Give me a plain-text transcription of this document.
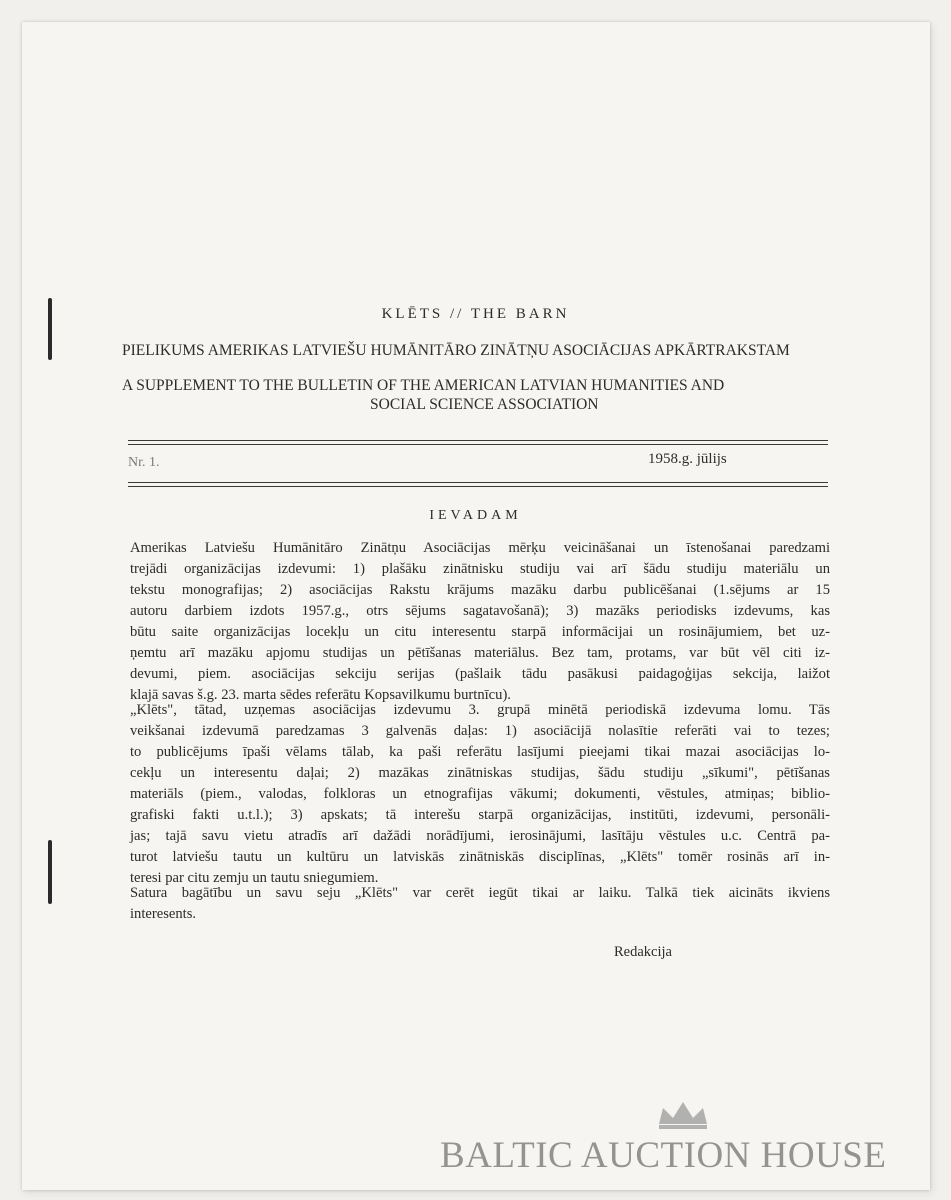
KLĒTS // THE BARN
PIELIKUMS AMERIKAS LATVIEŠU HUMĀNITĀRO ZINĀTŅU ASOCIĀCIJAS APKĀRTRAKSTAM
A SUPPLEMENT TO THE BULLETIN OF THE AMERICAN LATVIAN HUMANITIES AND
SOCIAL SCIENCE ASSOCIATION
Nr. 1.	1958.g. jūlijs
IEVADAM
Amerikas Latviešu Humānitāro Zinātņu Asociācijas mērķu veicināšanai un īstenošanai paredzami
trejādi organizācijas izdevumi: 1) plašāku zinātnisku studiju vai arī šādu studiju materiālu un
tekstu monografijas; 2) asociācijas Rakstu krājums mazāku darbu publicēšanai (1.sējums ar 15
autoru darbiem izdots 1957.g., otrs sējums sagatavošanā); 3) mazāks periodisks izdevums, kas
būtu saite organizācijas locekļu un citu interesentu starpā informācijai un rosinājumiem, bet uz-
ņemtu arī mazāku apjomu studijas un pētīšanas materiālus. Bez tam, protams, var būt vēl citi iz-
devumi, piem. asociācijas sekciju serijas (pašlaik tādu pasākusi paidagoģijas sekcija, laižot
klajā savas š.g. 23. marta sēdes referātu Kopsavilkumu burtnīcu).
„Klēts", tātad, uzņemas asociācijas izdevumu 3. grupā minētā periodiskā izdevuma lomu. Tās
veikšanai izdevumā paredzamas 3 galvenās daļas: 1) asociācijā nolasītie referāti vai to tezes;
to publicējums īpaši vēlams tālab, ka paši referātu lasījumi pieejami tikai mazai asociācijas lo-
cekļu un interesentu daļai; 2) mazākas zinātniskas studijas, šādu studiju „sīkumi", pētīšanas
materiāls (piem., valodas, folkloras un etnografijas vākumi; dokumenti, vēstules, atmiņas; biblio-
grafiski fakti u.t.l.); 3) apskats; tā interešu starpā organizācijas, institūti, izdevumi, personāli-
jas; tajā savu vietu atradīs arī dažādi norādījumi, ierosinājumi, lasītāju vēstules u.c. Centrā pa-
turot latviešu tautu un kultūru un latviskās zinātniskās disciplīnas, „Klēts" tomēr rosinās arī in-
teresi par citu zemju un tautu sniegumiem.
Satura bagātību un savu seju „Klēts" var cerēt iegūt tikai ar laiku. Talkā tiek aicināts ikviens
interesents.
Redakcija
BALTIC AUCTION HOUSE
